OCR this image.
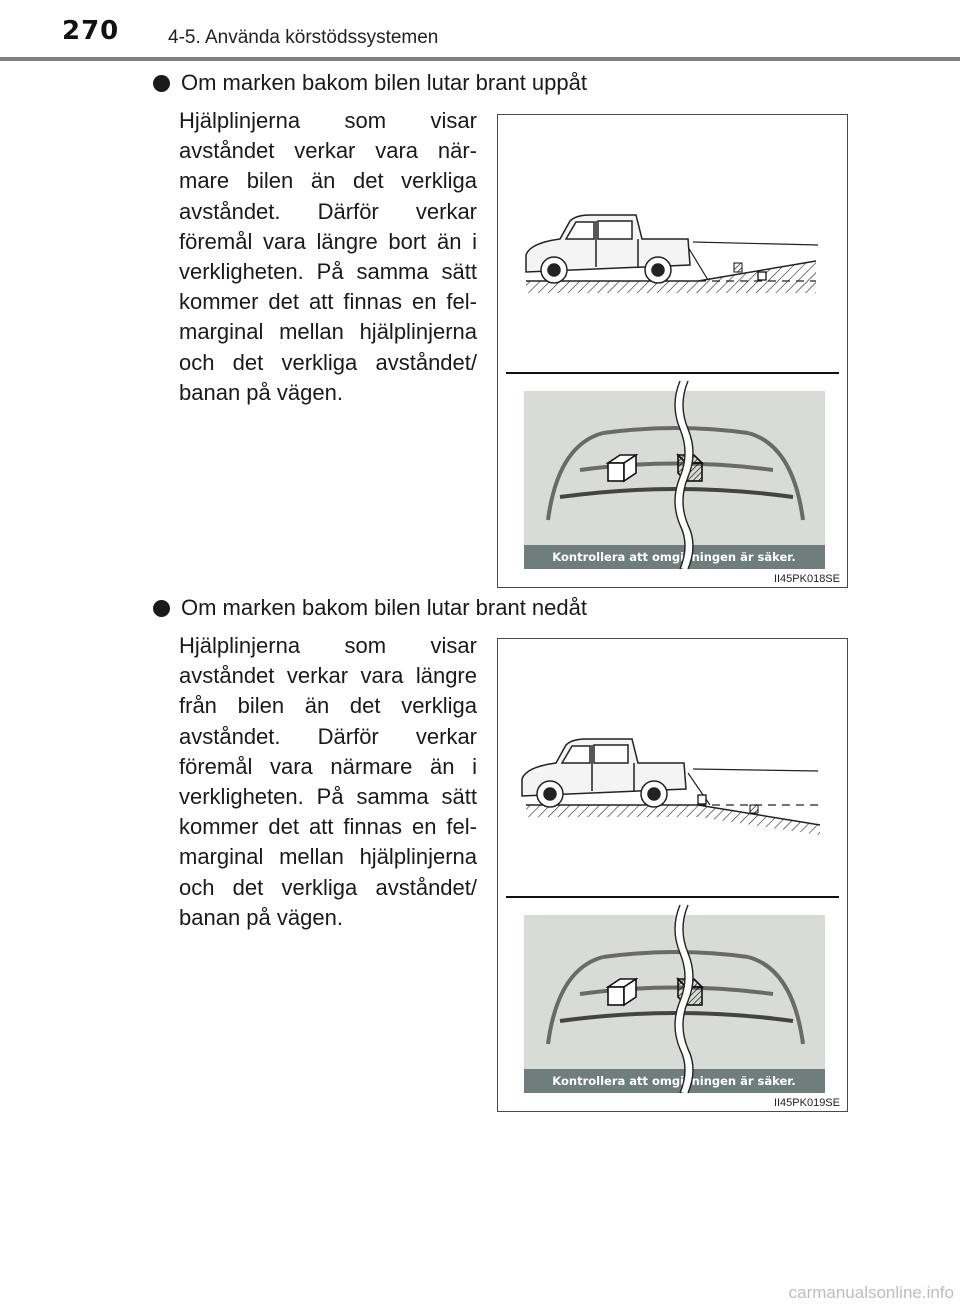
270	4-5. Använda körstödssystemen
Om marken bakom bilen lutar brant uppåt
Hjälplinjerna som visar avståndet verkar vara när- mare bilen än det verkliga avståndet. Därför verkar föremål vara längre bort än i verkligheten. På samma sätt kommer det att finnas en fel- marginal mellan hjälplinjerna och det verkliga avståndet/ banan på vägen.
Kontrollera att omgivningen är säker.
II45PK018SE
Om marken bakom bilen lutar brant nedåt
Hjälplinjerna som visar avståndet verkar vara längre från bilen än det verkliga avståndet. Därför verkar föremål vara närmare än i verkligheten. På samma sätt kommer det att finnas en fel- marginal mellan hjälplinjerna och det verkliga avståndet/ banan på vägen.
Kontrollera att omgivningen är säker.
II45PK019SE
carmanualsonline.info
